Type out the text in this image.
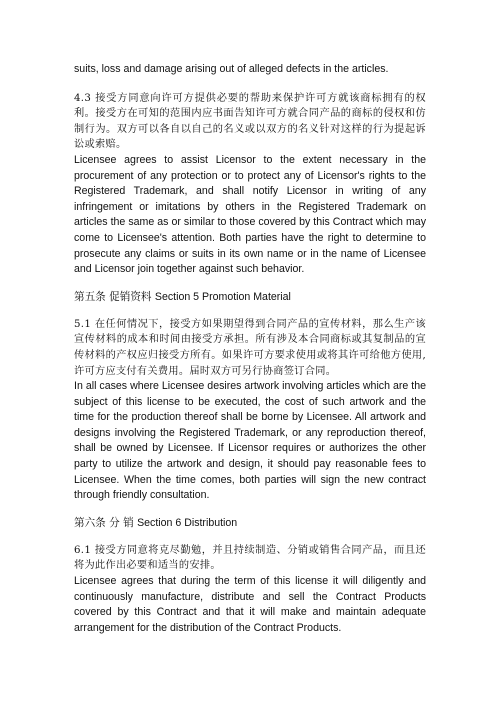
suits, loss and damage arising out of alleged defects in the articles.

4.3 接受方同意向许可方提供必要的帮助来保护许可方就该商标拥有的权利。接受方在可知的范围内应书面告知许可方就合同产品的商标的侵权和仿制行为。双方可以各自以自己的名义或以双方的名义针对这样的行为提起诉讼或索赔。

Licensee agrees to assist Licensor to the extent necessary in the procurement of any protection or to protect any of Licensor's rights to the Registered Trademark, and shall notify Licensor in writing of any infringement or imitations by others in the Registered Trademark on articles the same as or similar to those covered by this Contract which may come to Licensee's attention. Both parties have the right to determine to prosecute any claims or suits in its own name or in the name of Licensee and Licensor join together against such behavior.

第五条 促销资料 Section 5 Promotion Material

5.1 在任何情况下，接受方如果期望得到合同产品的宣传材料，那么生产该宣传材料的成本和时间由接受方承担。所有涉及本合同商标或其复制品的宣传材料的产权应归接受方所有。如果许可方要求使用或将其许可给他方使用,许可方应支付有关费用。届时双方可另行协商签订合同。

In all cases where Licensee desires artwork involving articles which are the subject of this license to be executed, the cost of such artwork and the time for the production thereof shall be borne by Licensee. All artwork and designs involving the Registered Trademark, or any reproduction thereof, shall be owned by Licensee. If Licensor requires or authorizes the other party to utilize the artwork and design, it should pay reasonable fees to Licensee. When the time comes, both parties will sign the new contract through friendly consultation.

第六条 分 销 Section 6 Distribution

6.1 接受方同意将克尽勤勉，并且持续制造、分销或销售合同产品，而且还将为此作出必要和适当的安排。

Licensee agrees that during the term of this license it will diligently and continuously manufacture, distribute and sell the Contract Products covered by this Contract and that it will make and maintain adequate arrangement for the distribution of the Contract Products.
